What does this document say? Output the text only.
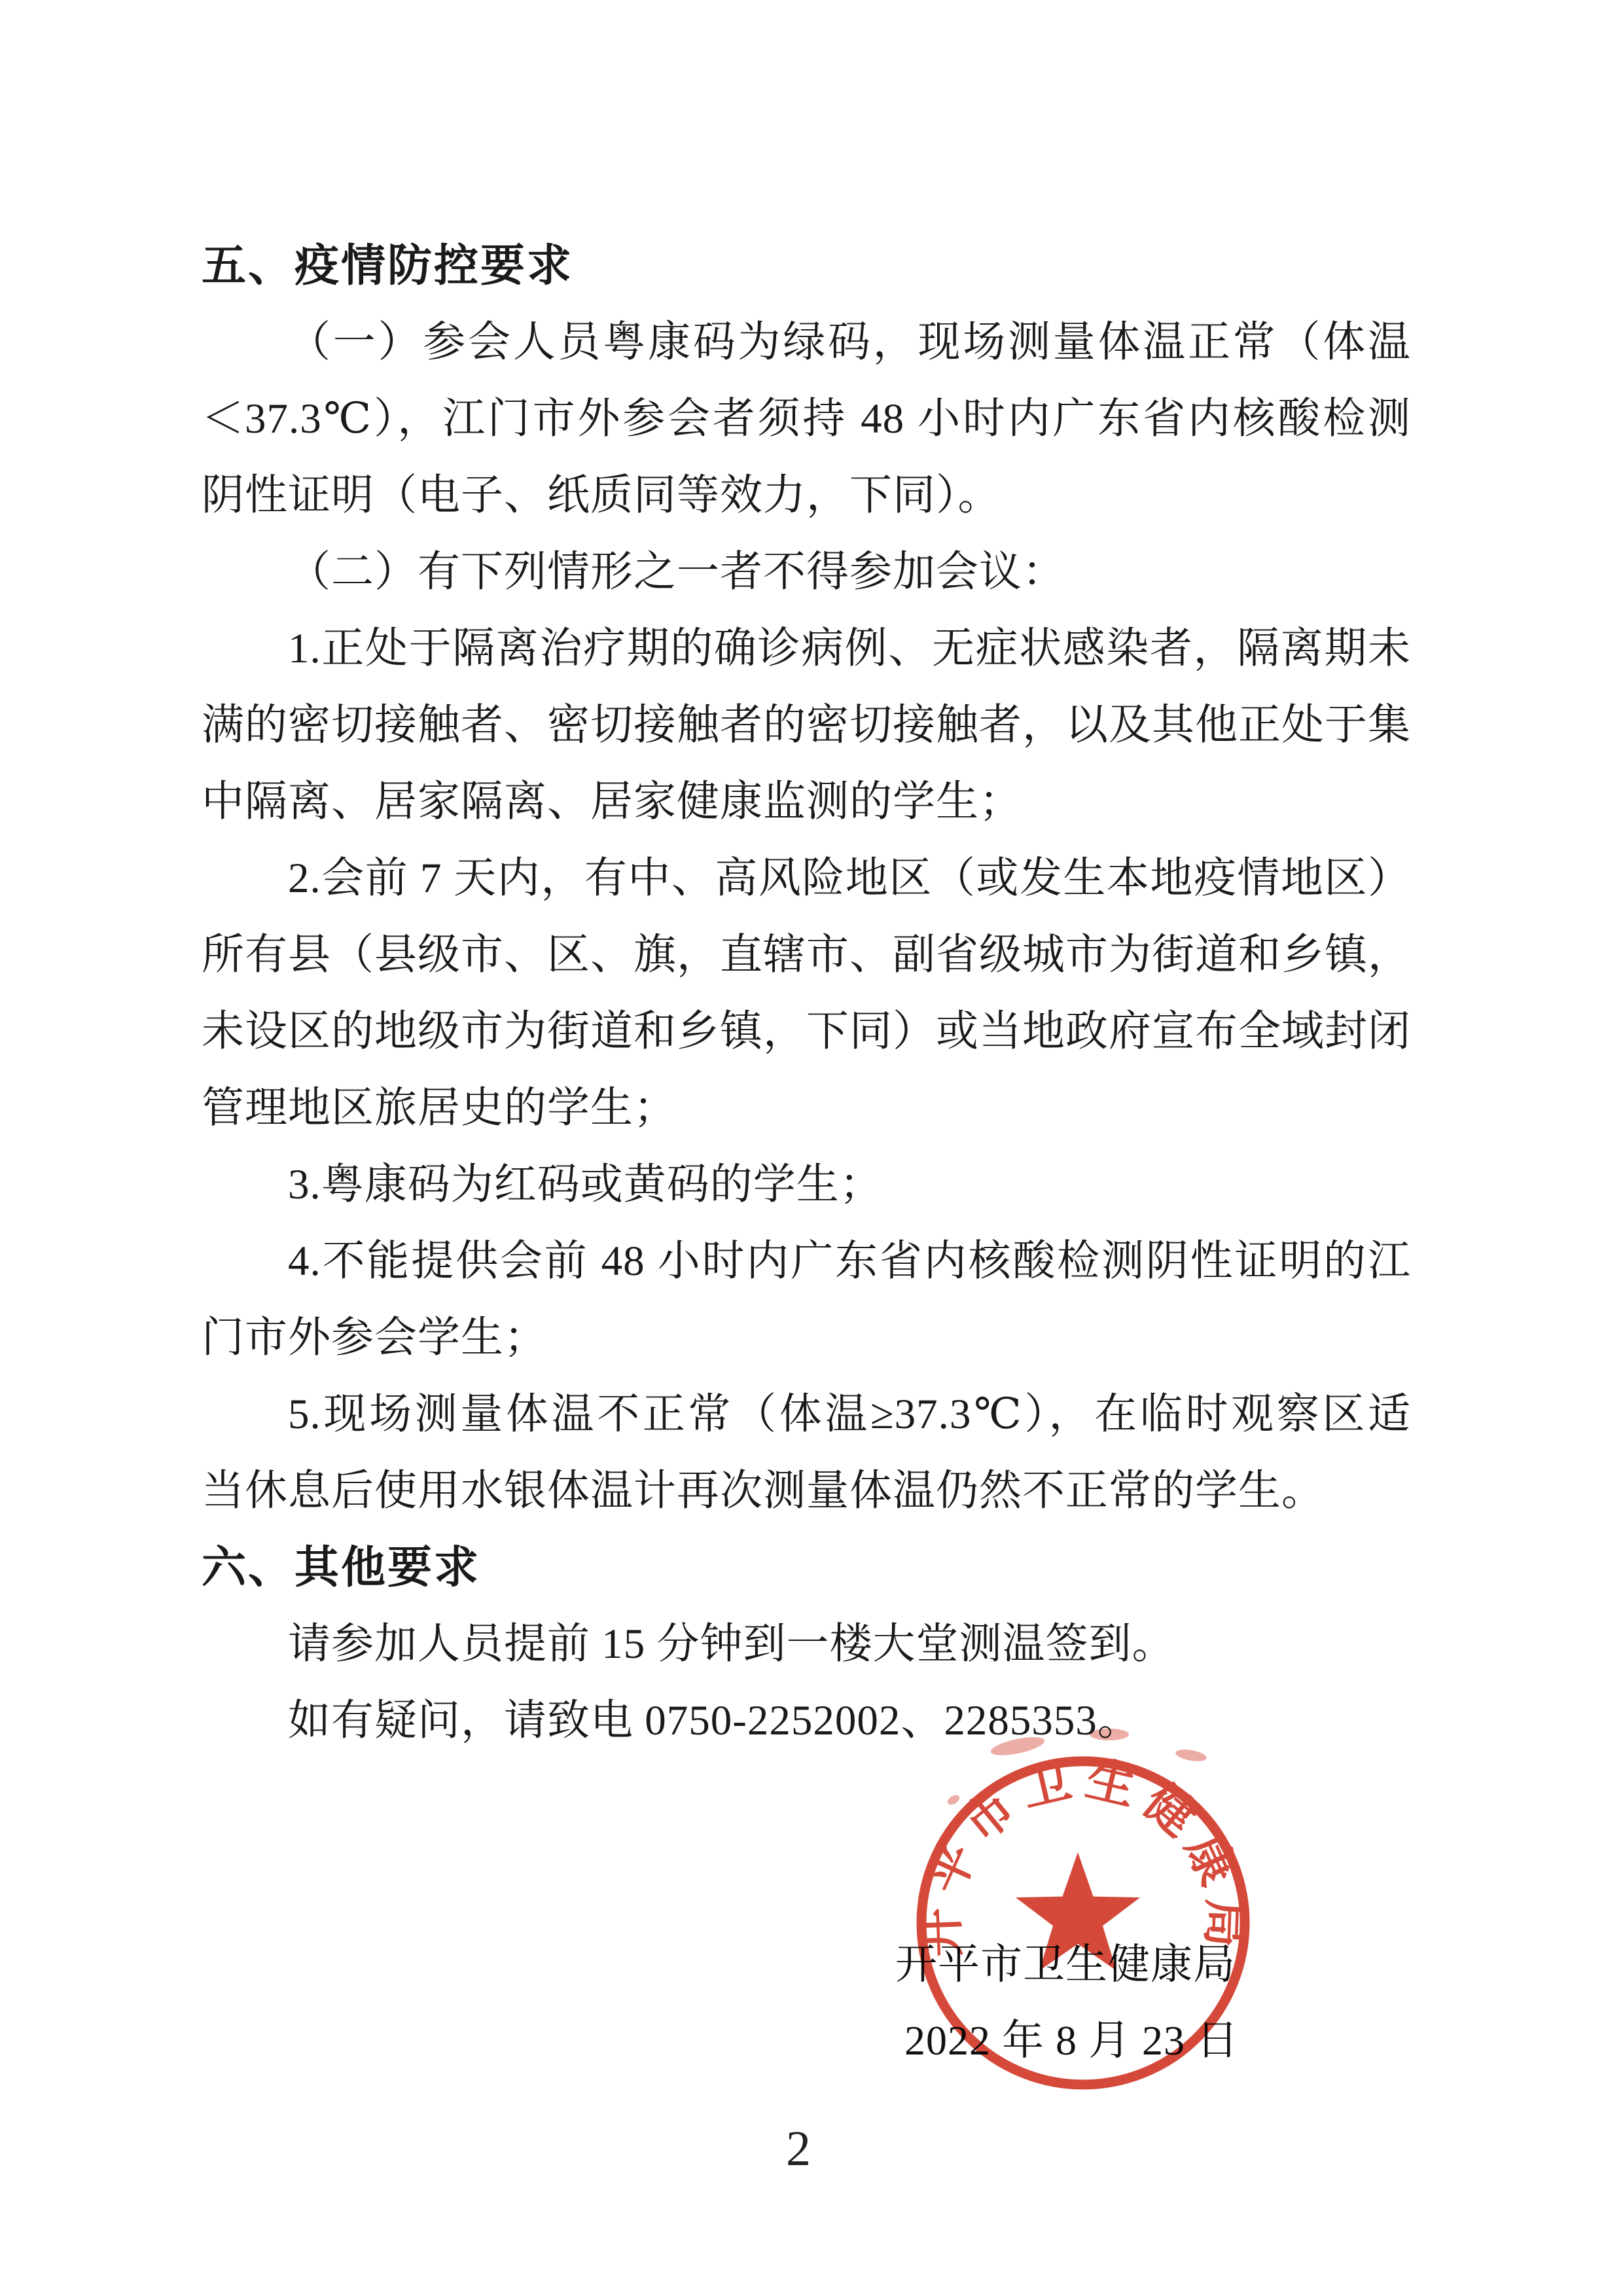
五、疫情防控要求
（一）参会人员粤康码为绿码，现场测量体温正常（体温
＜37.3℃），江门市外参会者须持 48 小时内广东省内核酸检测
阴性证明（电子、纸质同等效力，下同）。
（二）有下列情形之一者不得参加会议：
1.正处于隔离治疗期的确诊病例、无症状感染者，隔离期未
满的密切接触者、密切接触者的密切接触者，以及其他正处于集
中隔离、居家隔离、居家健康监测的学生；
2.会前 7 天内，有中、高风险地区（或发生本地疫情地区）
所有县（县级市、区、旗，直辖市、副省级城市为街道和乡镇，
未设区的地级市为街道和乡镇，下同）或当地政府宣布全域封闭
管理地区旅居史的学生；
3.粤康码为红码或黄码的学生；
4.不能提供会前 48 小时内广东省内核酸检测阴性证明的江
门市外参会学生；
5.现场测量体温不正常（体温≥37.3℃），在临时观察区适
当休息后使用水银体温计再次测量体温仍然不正常的学生。
六、其他要求
请参加人员提前 15 分钟到一楼大堂测温签到。
如有疑问，请致电 0750-2252002、2285353。
开平市卫生健康局
2022 年 8 月 23 日
开平市卫生健康局
2
